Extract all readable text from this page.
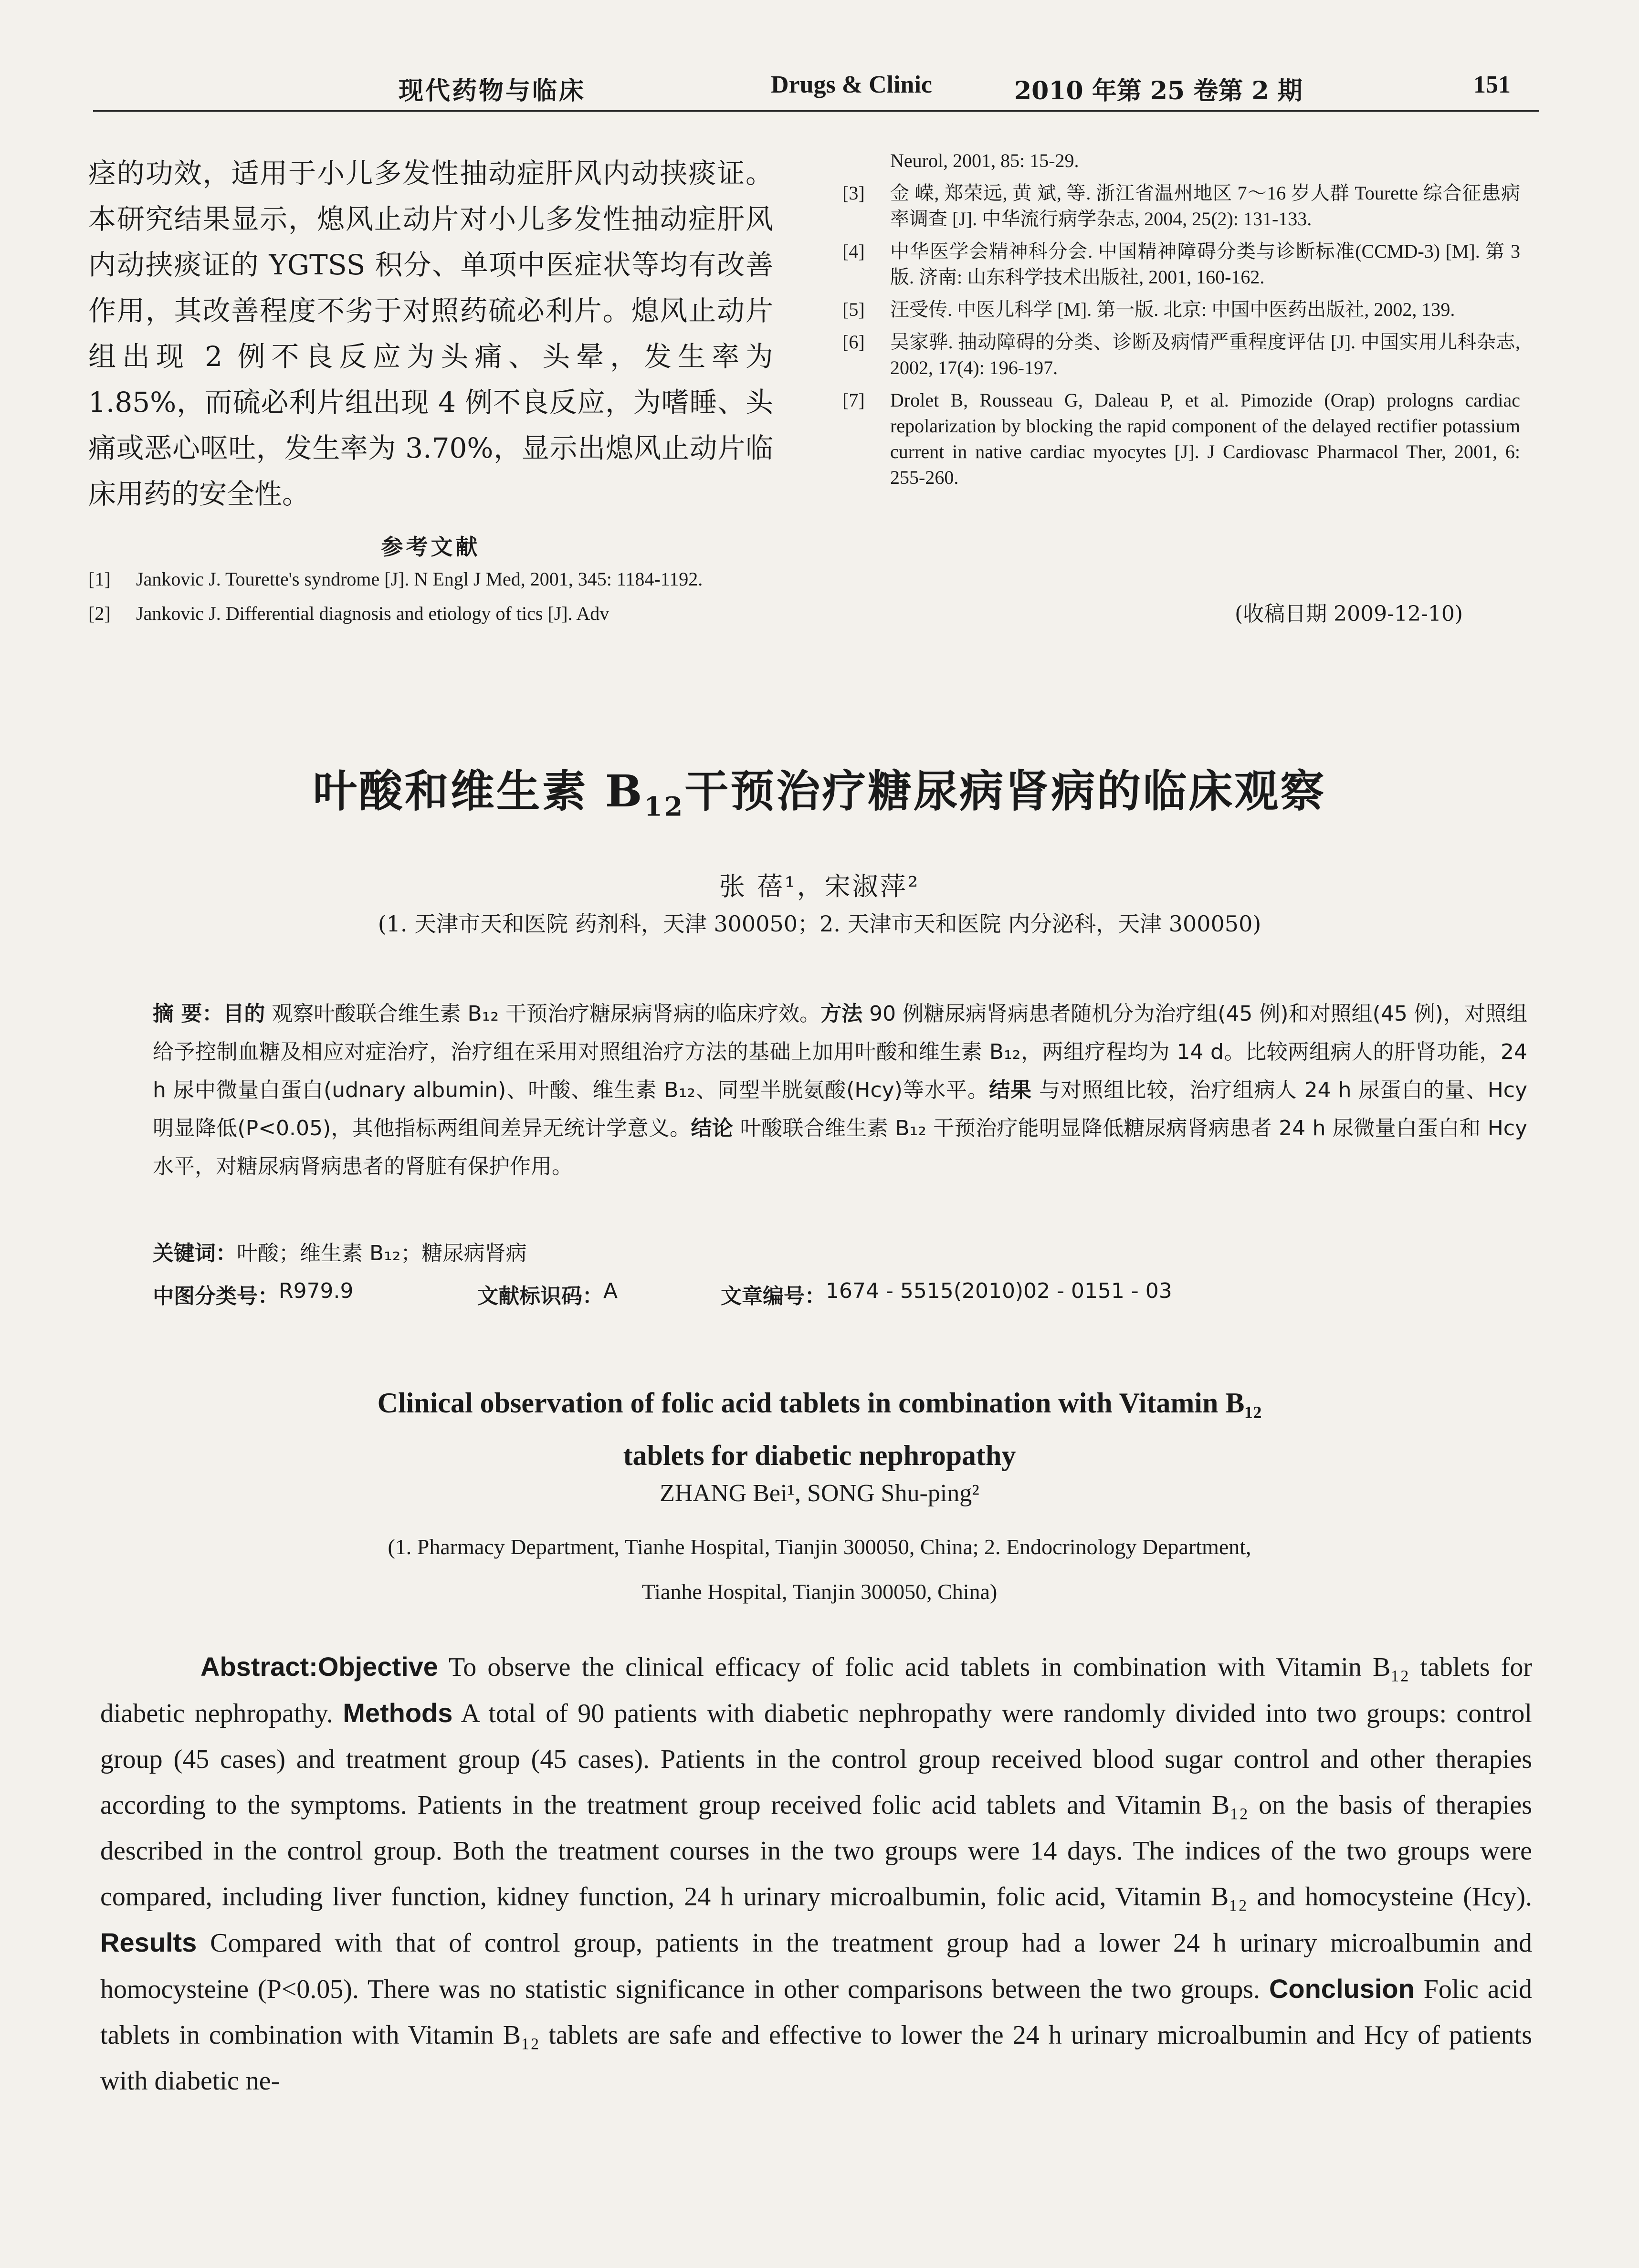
现代药物与临床	Drugs & Clinic	2010 年第 25 卷第 2 期	151

痉的功效，适用于小儿多发性抽动症肝风内动挟痰证。本研究结果显示，熄风止动片对小儿多发性抽动症肝风内动挟痰证的 YGTSS 积分、单项中医症状等均有改善作用，其改善程度不劣于对照药硫必利片。熄风止动片组出现 2 例不良反应为头痛、头晕，发生率为 1.85%，而硫必利片组出现 4 例不良反应，为嗜睡、头痛或恶心呕吐，发生率为 3.70%，显示出熄风止动片临床用药的安全性。

参考文献
[1]	Jankovic J. Tourette's syndrome [J]. N Engl J Med, 2001, 345: 1184-1192.
[2]	Jankovic J. Differential diagnosis and etiology of tics [J]. Adv
Neurol, 2001, 85: 15-29.
[3]	金 嵘, 郑荣远, 黄 斌, 等. 浙江省温州地区 7～16 岁人群 Tourette 综合征患病率调查 [J]. 中华流行病学杂志, 2004, 25(2): 131-133.
[4]	中华医学会精神科分会. 中国精神障碍分类与诊断标准(CCMD-3) [M]. 第 3 版. 济南: 山东科学技术出版社, 2001, 160-162.
[5]	汪受传. 中医儿科学 [M]. 第一版. 北京: 中国中医药出版社, 2002, 139.
[6]	吴家骅. 抽动障碍的分类、诊断及病情严重程度评估 [J]. 中国实用儿科杂志, 2002, 17(4): 196-197.
[7]	Drolet B, Rousseau G, Daleau P, et al. Pimozide (Orap) prologns cardiac repolarization by blocking the rapid component of the delayed rectifier potassium current in native cardiac myocytes [J]. J Cardiovasc Pharmacol Ther, 2001, 6: 255-260.
(收稿日期 2009-12-10)
叶酸和维生素 $B_{12}$干预治疗糖尿病肾病的临床观察
张 蓓¹，宋淑萍²
(1. 天津市天和医院 药剂科，天津 300050；2. 天津市天和医院 内分泌科，天津 300050)
摘 要：目的 观察叶酸联合维生素 B₁₂ 干预治疗糖尿病肾病的临床疗效。方法 90 例糖尿病肾病患者随机分为治疗组(45 例)和对照组(45 例)，对照组给予控制血糖及相应对症治疗，治疗组在采用对照组治疗方法的基础上加用叶酸和维生素 B₁₂，两组疗程均为 14 d。比较两组病人的肝肾功能，24 h 尿中微量白蛋白(udnary albumin)、叶酸、维生素 B₁₂、同型半胱氨酸(Hcy)等水平。结果 与对照组比较，治疗组病人 24 h 尿蛋白的量、Hcy 明显降低(P<0.05)，其他指标两组间差异无统计学意义。结论 叶酸联合维生素 B₁₂ 干预治疗能明显降低糖尿病肾病患者 24 h 尿微量白蛋白和 Hcy 水平，对糖尿病肾病患者的肾脏有保护作用。
关键词：叶酸；维生素 B₁₂；糖尿病肾病
中图分类号： R979.9	文献标识码： A	文章编号： 1674 - 5515(2010)02 - 0151 - 03
Clinical observation of folic acid tablets in combination with Vitamin B₁₂
tablets for diabetic nephropathy
ZHANG Bei¹, SONG Shu-ping²
(1. Pharmacy Department, Tianhe Hospital, Tianjin 300050, China; 2. Endocrinology Department,
Tianhe Hospital, Tianjin 300050, China)
Abstract:Objective To observe the clinical efficacy of folic acid tablets in combination with Vitamin B₁₂ tablets for diabetic nephropathy. Methods A total of 90 patients with diabetic nephropathy were randomly divided into two groups: control group (45 cases) and treatment group (45 cases). Patients in the control group received blood sugar control and other therapies according to the symptoms. Patients in the treatment group received folic acid tablets and Vitamin B₁₂ on the basis of therapies described in the control group. Both the treatment courses in the two groups were 14 days. The indices of the two groups were compared, including liver function, kidney function, 24 h urinary microalbumin, folic acid, Vitamin B₁₂ and homocysteine (Hcy). Results Compared with that of control group, patients in the treatment group had a lower 24 h urinary microalbumin and homocysteine (P<0.05). There was no statistic significance in other comparisons between the two groups. Conclusion Folic acid tablets in combination with Vitamin B₁₂ tablets are safe and effective to lower the 24 h urinary microalbumin and Hcy of patients with diabetic ne-
